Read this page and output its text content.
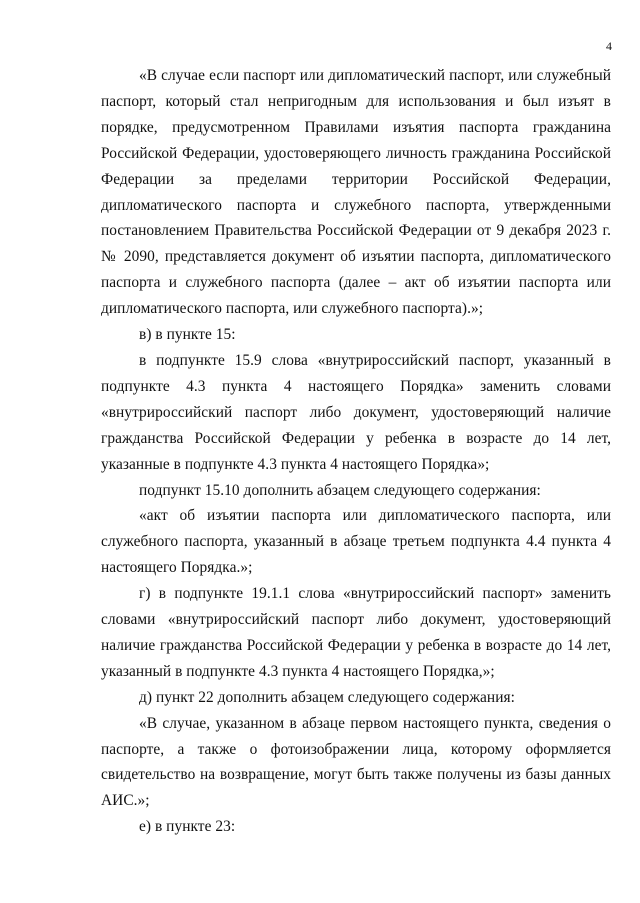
4

«В случае если паспорт или дипломатический паспорт, или служебный паспорт, который стал непригодным для использования и был изъят в порядке, предусмотренном Правилами изъятия паспорта гражданина Российской Федерации, удостоверяющего личность гражданина Российской Федерации за пределами территории Российской Федерации, дипломатического паспорта и служебного паспорта, утвержденными постановлением Правительства Российской Федерации от 9 декабря 2023 г. № 2090, представляется документ об изъятии паспорта, дипломатического паспорта и служебного паспорта (далее – акт об изъятии паспорта или дипломатического паспорта, или служебного паспорта).»;

в) в пункте 15:

в подпункте 15.9 слова «внутрироссийский паспорт, указанный в подпункте 4.3 пункта 4 настоящего Порядка» заменить словами «внутрироссийский паспорт либо документ, удостоверяющий наличие гражданства Российской Федерации у ребенка в возрасте до 14 лет, указанные в подпункте 4.3 пункта 4 настоящего Порядка»;

подпункт 15.10 дополнить абзацем следующего содержания:

«акт об изъятии паспорта или дипломатического паспорта, или служебного паспорта, указанный в абзаце третьем подпункта 4.4 пункта 4 настоящего Порядка.»;

г) в подпункте 19.1.1 слова «внутрироссийский паспорт» заменить словами «внутрироссийский паспорт либо документ, удостоверяющий наличие гражданства Российской Федерации у ребенка в возрасте до 14 лет, указанный в подпункте 4.3 пункта 4 настоящего Порядка,»;

д) пункт 22 дополнить абзацем следующего содержания:

«В случае, указанном в абзаце первом настоящего пункта, сведения о паспорте, а также о фотоизображении лица, которому оформляется свидетельство на возвращение, могут быть также получены из базы данных АИС.»;

е) в пункте 23:
